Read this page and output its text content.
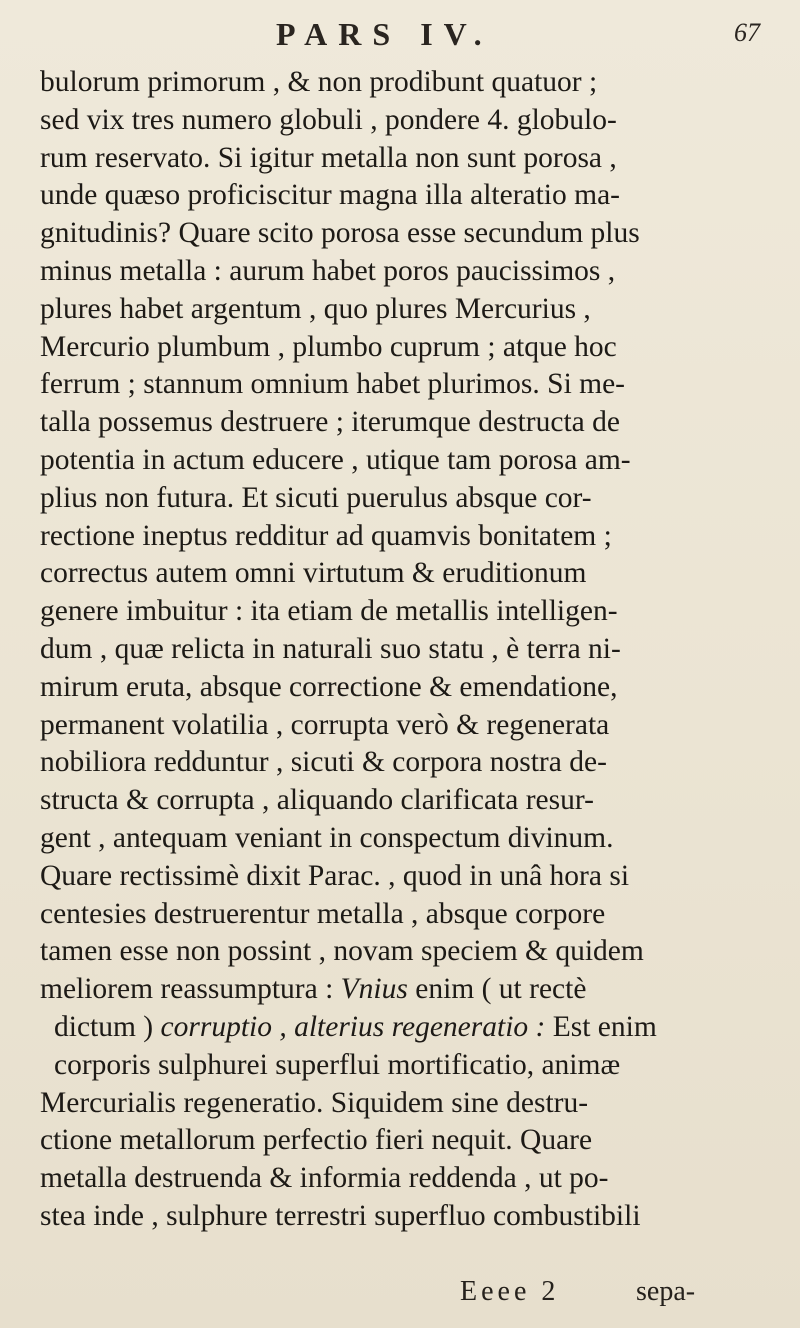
PARS IV.	67
bulorum primorum , & non prodibunt quatuor ;
sed vix tres numero globuli , pondere 4. globulo-
rum reservato. Si igitur metalla non sunt porosa ,
unde quæso proficiscitur magna illa alteratio ma-
gnitudinis? Quare scito porosa esse secundum plus
minus metalla : aurum habet poros paucissimos ,
plures habet argentum , quo plures Mercurius ,
Mercurio plumbum , plumbo cuprum ; atque hoc
ferrum ; stannum omnium habet plurimos. Si me-
talla possemus destruere ; iterumque destructa de
potentia in actum educere , utique tam porosa am-
plius non futura. Et sicuti puerulus absque cor-
rectione ineptus redditur ad quamvis bonitatem ;
correctus autem omni virtutum & eruditionum
genere imbuitur : ita etiam de metallis intelligen-
dum , quæ relicta in naturali suo statu , è terra ni-
mirum eruta, absque correctione & emendatione,
permanent volatilia , corrupta verò & regenerata
nobiliora redduntur , sicuti & corpora nostra de-
structa & corrupta , aliquando clarificata resur-
gent , antequam veniant in conspectum divinum.
Quare rectissimè dixit Parac. , quod in unâ hora si
centesies destruerentur metalla , absque corpore
tamen esse non possint , novam speciem & quidem
meliorem reassumptura : Vnius enim ( ut rectè
dictum ) corruptio , alterius regeneratio : Est enim
corporis sulphurei superflui mortificatio, animæ
Mercurialis regeneratio. Siquidem sine destru-
ctione metallorum perfectio fieri nequit. Quare
metalla destruenda & informia reddenda , ut po-
stea inde , sulphure terrestri superfluo combustibili
Eeee 2	sepa-
